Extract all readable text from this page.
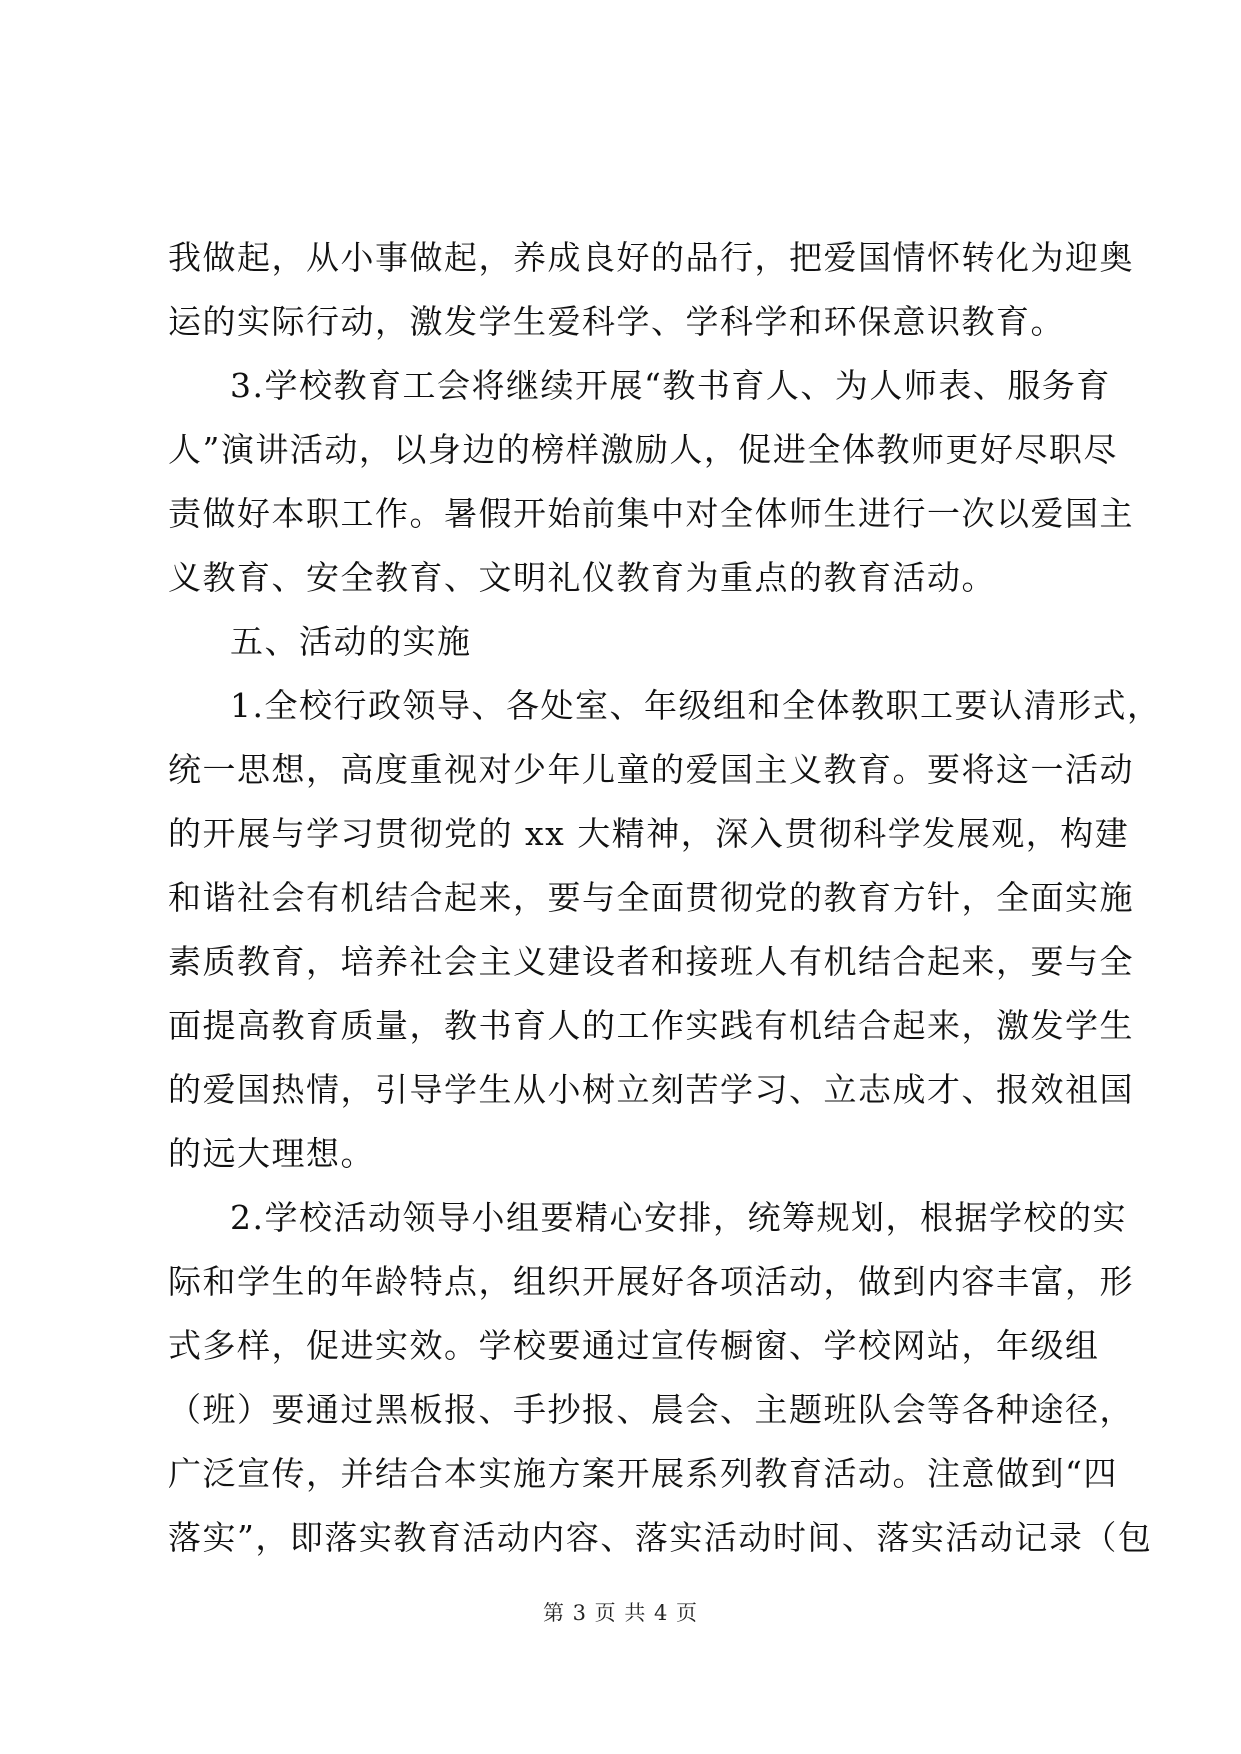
我做起，从小事做起，养成良好的品行，把爱国情怀转化为迎奥
运的实际行动，激发学生爱科学、学科学和环保意识教育。
3.学校教育工会将继续开展“教书育人、为人师表、服务育
人”演讲活动，以身边的榜样激励人，促进全体教师更好尽职尽
责做好本职工作。暑假开始前集中对全体师生进行一次以爱国主
义教育、安全教育、文明礼仪教育为重点的教育活动。
五、活动的实施
1.全校行政领导、各处室、年级组和全体教职工要认清形式，
统一思想，高度重视对少年儿童的爱国主义教育。要将这一活动
的开展与学习贯彻党的 xx 大精神，深入贯彻科学发展观，构建
和谐社会有机结合起来，要与全面贯彻党的教育方针，全面实施
素质教育，培养社会主义建设者和接班人有机结合起来，要与全
面提高教育质量，教书育人的工作实践有机结合起来，激发学生
的爱国热情，引导学生从小树立刻苦学习、立志成才、报效祖国
的远大理想。
2.学校活动领导小组要精心安排，统筹规划，根据学校的实
际和学生的年龄特点，组织开展好各项活动，做到内容丰富，形
式多样，促进实效。学校要通过宣传橱窗、学校网站，年级组
（班）要通过黑板报、手抄报、晨会、主题班队会等各种途径，
广泛宣传，并结合本实施方案开展系列教育活动。注意做到“四
落实”，即落实教育活动内容、落实活动时间、落实活动记录（包
第 3 页 共 4 页
